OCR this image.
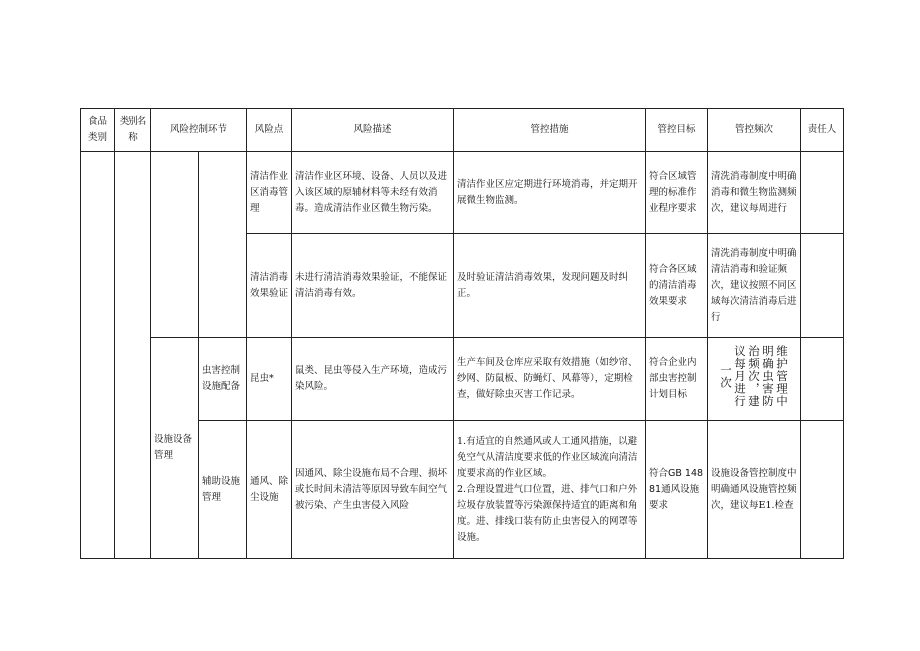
食品类别	类别名称	风险控制环节		风险点	风险描述	管控措施	管控目标	管控频次	责任人
				清洁作业区消毒管理	清洁作业区环境、设备、人员以及进入该区域的原辅材料等未经有效消毒。造成清洁作业区微生物污染。	清洁作业区应定期进行环境消毒，并定期开展微生物监测。	符合区域管理的标准作业程序要求	清洗消毒制度中明确消毒和微生物监测频次，建议每周进行	
				清洁消毒效果验证	未进行清洁消毒效果验证，不能保证清洁消毒有效。	及时验证清洁消毒效果，发现问题及时纠正。	符合各区域的清洁消毒效果要求	清洗消毒制度中明确清洁消毒和验证频次，建议按照不同区域每次清洁消毒后进行	
		设施设备管理	虫害控制设施配备	昆虫*	鼠类、昆虫等侵入生产环境，造成污染风险。	生产车间及仓库应采取有效措施（如纱帘、纱网、防鼠板、防蝇灯、风幕等），定期检查，做好除虫灭害工作记录。	符合企业内部虫害控制计划目标	维护管理中明确虫害防治频次，建议每月进行一次	
			辅助设施管理	通风、除尘设施	因通风、除尘设施布局不合理、损坏或长时间未清洁等原因导致车间空气被污染、产生虫害侵入风险	1.有适宜的自然通风或人工通风措施，以避免空气从清洁度要求低的作业区域流向清洁度要求高的作业区域。
2.合理设置进气口位置，进、排气口和户外垃圾存放装置等污染源保持适宜的距离和角度。进、排线口装有防止虫害侵入的网罩等设施。	符合GB 14881通风设施要求	设施设备管控制度中明确通风设施管控频次，建议每E1.检查	
